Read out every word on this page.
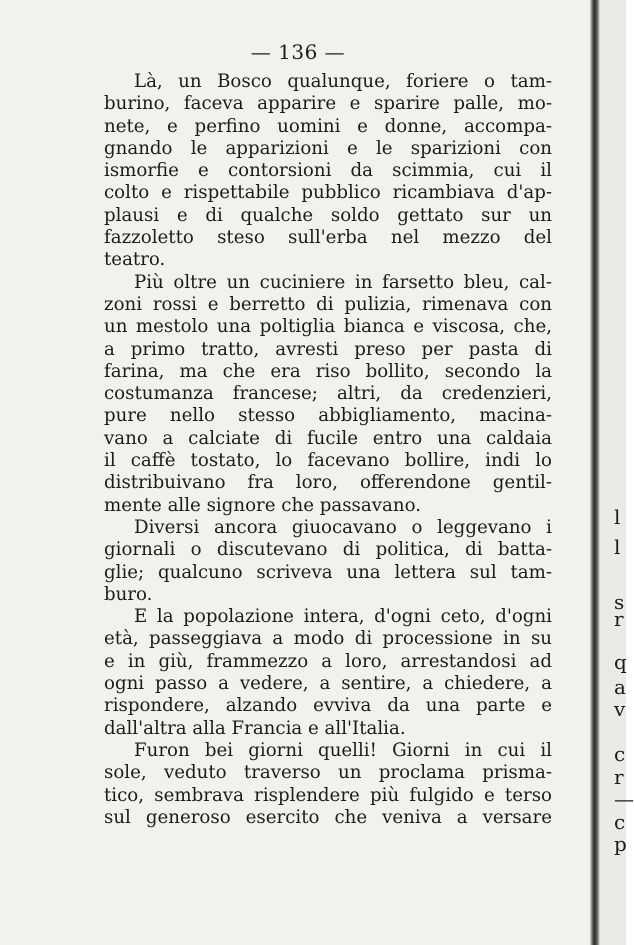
— 136 —
Là, un Bosco qualunque, foriere o tam-
burino, faceva apparire e sparire palle, mo-
nete, e perfino uomini e donne, accompa-
gnando le apparizioni e le sparizioni con
ismorfie e contorsioni da scimmia, cui il
colto e rispettabile pubblico ricambiava d'ap-
plausi e di qualche soldo gettato sur un
fazzoletto steso sull'erba nel mezzo del
teatro.
Più oltre un cuciniere in farsetto bleu, cal-
zoni rossi e berretto di pulizia, rimenava con
un mestolo una poltiglia bianca e viscosa, che,
a primo tratto, avresti preso per pasta di
farina, ma che era riso bollito, secondo la
costumanza francese; altri, da credenzieri,
pure nello stesso abbigliamento, macina-
vano a calciate di fucile entro una caldaia
il caffè tostato, lo facevano bollire, indi lo
distribuivano fra loro, offerendone gentil-
mente alle signore che passavano.
Diversi ancora giuocavano o leggevano i
giornali o discutevano di politica, di batta-
glie; qualcuno scriveva una lettera sul tam-
buro.
E la popolazione intera, d'ogni ceto, d'ogni
età, passeggiava a modo di processione in su
e in giù, frammezzo a loro, arrestandosi ad
ogni passo a vedere, a sentire, a chiedere, a
rispondere, alzando evviva da una parte e
dall'altra alla Francia e all'Italia.
Furon bei giorni quelli! Giorni in cui il
sole, veduto traverso un proclama prisma-
tico, sembrava risplendere più fulgido e terso
sul generoso esercito che veniva a versare
l
l
s
r
q
a
v
c
r
—
c
p
